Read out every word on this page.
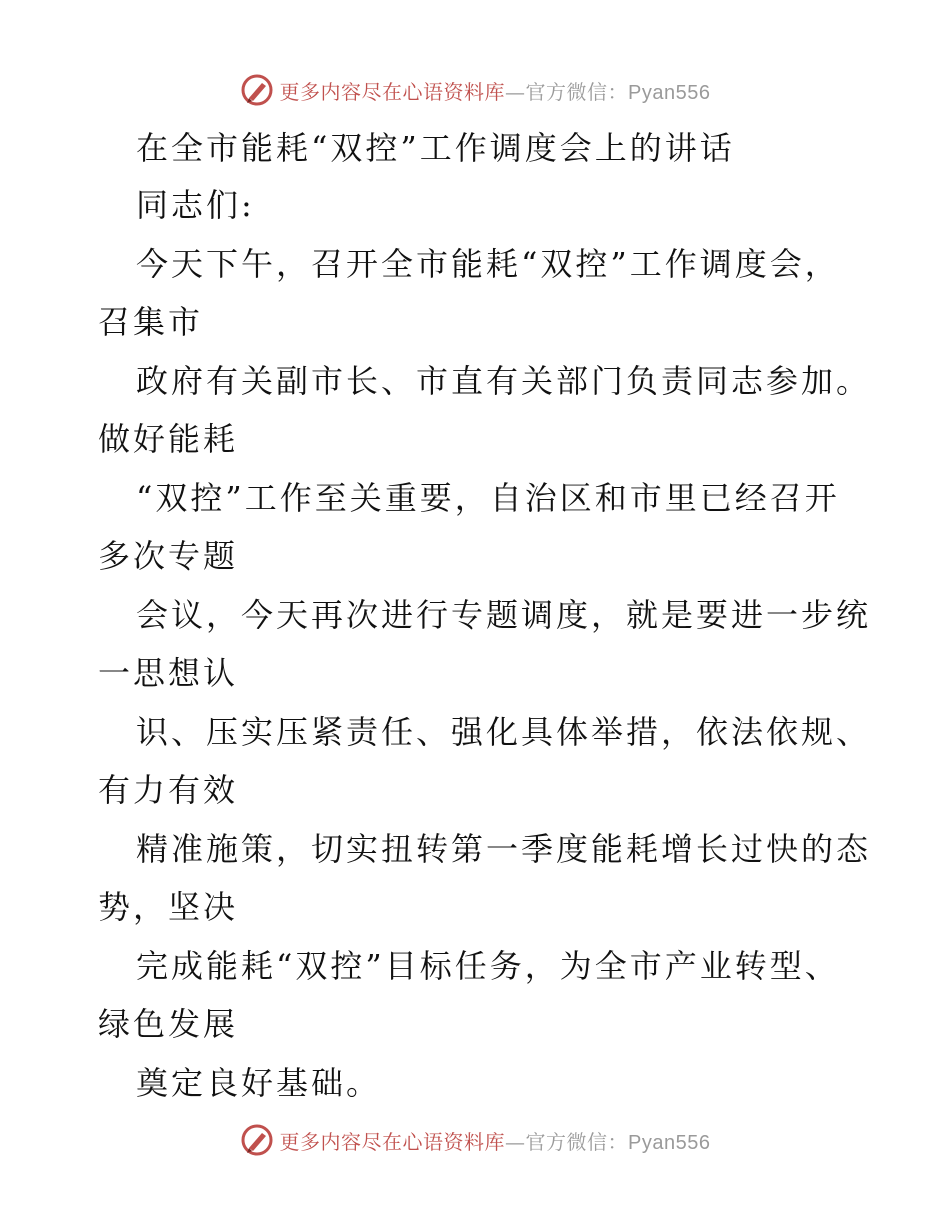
更多内容尽在心语资料库—官方微信：Pyan556
在全市能耗“双控”工作调度会上的讲话
同志们:
今天下午，召开全市能耗“双控”工作调度会，
召集市
政府有关副市长、市直有关部门负责同志参加。
做好能耗
“双控”工作至关重要，自治区和市里已经召开
多次专题
会议，今天再次进行专题调度，就是要进一步统
一思想认
识、压实压紧责任、强化具体举措，依法依规、
有力有效
精准施策，切实扭转第一季度能耗增长过快的态
势，坚决
完成能耗“双控”目标任务，为全市产业转型、
绿色发展
奠定良好基础。
更多内容尽在心语资料库—官方微信：Pyan556
